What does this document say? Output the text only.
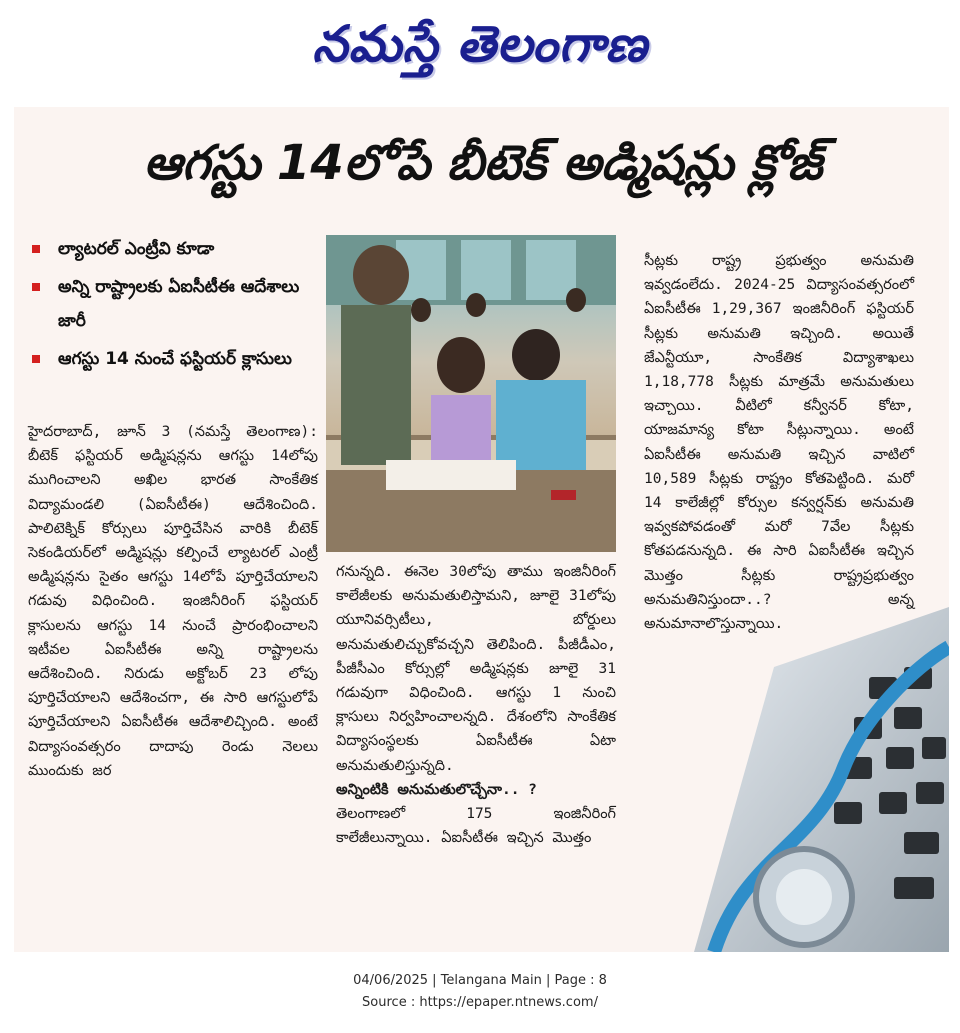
నమస్తే తెలంగాణ
ఆగస్టు 14లోపే బీటెక్ అడ్మిషన్లు క్లోజ్
ల్యాటరల్ ఎంట్రీవి కూడా
అన్ని రాష్ట్రాలకు ఏఐసీటీఈ ఆదేశాలు జారీ
ఆగస్టు 14 నుంచే ఫస్టియర్ క్లాసులు

హైదరాబాద్, జూన్ 3 (నమస్తే తెలంగాణ): బీటెక్ ఫస్టియర్ అడ్మిషన్లను ఆగస్టు 14లోపు ముగించాలని అఖిల భారత సాంకేతిక విద్యామండలి (ఏఐసీటీఈ) ఆదేశించింది. పాలిటెక్నిక్ కోర్సులు పూర్తిచేసిన వారికి బీటెక్ సెకండియర్‌లో అడ్మిషన్లు కల్పించే ల్యాటరల్ ఎంట్రీ అడ్మిషన్లను సైతం ఆగస్టు 14లోపే పూర్తిచేయాలని గడువు విధించింది. ఇంజినీరింగ్ ఫస్టియర్ క్లాసులను ఆగస్టు 14 నుంచే ప్రారంభించాలని ఇటీవల ఏఐసీటీఈ అన్ని రాష్ట్రాలను ఆదేశించింది. నిరుడు అక్టోబర్ 23 లోపు పూర్తిచేయాలని ఆదేశించగా, ఈ సారి ఆగస్టులోపే పూర్తిచేయాలని ఏఐసీటీఈ ఆదేశాలిచ్చింది. అంటే విద్యాసంవత్సరం దాదాపు రెండు నెలలు ముందుకు జర

గనున్నది. ఈనెల 30లోపు తాము ఇంజినీరింగ్ కాలేజీలకు అనుమతులిస్తామని, జూలై 31లోపు యూనివర్సిటీలు, బోర్డులు అనుమతులిచ్చుకోవచ్చని తెలిపింది. పీజీడీఎం, పీజీసీఎం కోర్సుల్లో అడ్మిషన్లకు జూలై 31 గడువుగా విధించింది. ఆగస్టు 1 నుంచి క్లాసులు నిర్వహించాలన్నది. దేశంలోని సాంకేతిక విద్యాసంస్థలకు ఏఐసీటీఈ ఏటా అనుమతులిస్తున్నది.

అన్నింటికి అనుమతులొచ్చేనా.. ?

తెలంగాణలో 175 ఇంజినీరింగ్ కాలేజీలున్నాయి. ఏఐసీటీఈ ఇచ్చిన మొత్తం

సీట్లకు రాష్ట్ర ప్రభుత్వం అనుమతి ఇవ్వడంలేదు. 2024-25 విద్యాసంవత్సరంలో ఏఐసీటీఈ 1,29,367 ఇంజినీరింగ్ ఫస్టియర్ సీట్లకు అనుమతి ఇచ్చింది. అయితే జేఎన్టీయూ, సాంకేతిక విద్యాశాఖలు 1,18,778 సీట్లకు మాత్రమే అనుమతులు ఇచ్చాయి. వీటిలో కన్వీనర్ కోటా, యాజమాన్య కోటా సీట్లున్నాయి. అంటే ఏఐసీటీఈ అనుమతి ఇచ్చిన వాటిలో 10,589 సీట్లకు రాష్ట్రం కోతపెట్టింది. మరో 14 కాలేజీల్లో కోర్సుల కన్వర్షన్‌కు అనుమతి ఇవ్వకపోవడంతో మరో 7వేల సీట్లకు కోతపడనున్నది. ఈ సారి ఏఐసీటీఈ ఇచ్చిన మొత్తం సీట్లకు రాష్ట్రప్రభుత్వం అనుమతినిస్తుందా..? అన్న అనుమానాలొస్తున్నాయి.

04/06/2025 | Telangana Main | Page : 8
Source : https://epaper.ntnews.com/
